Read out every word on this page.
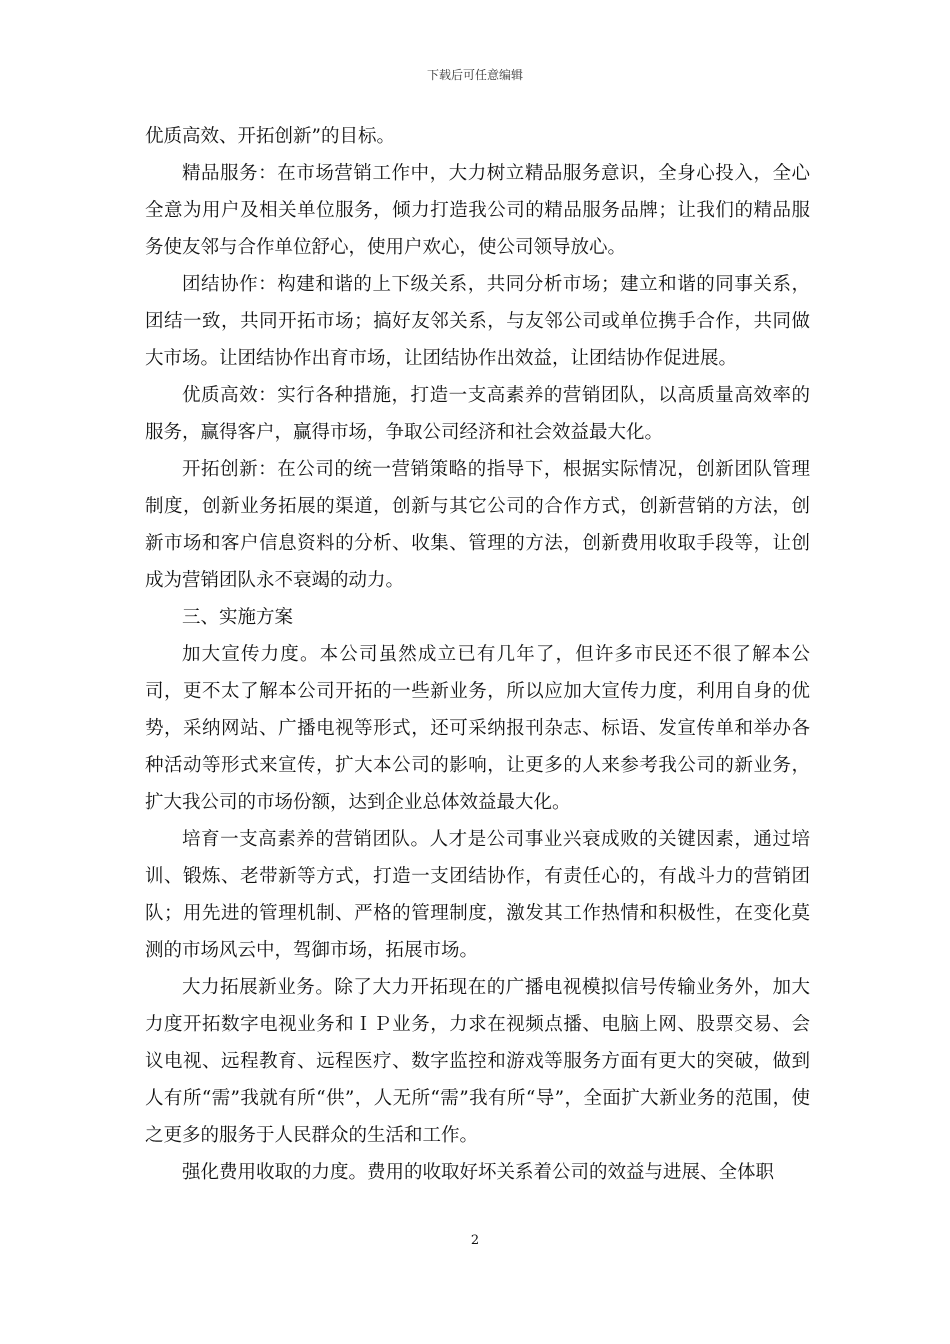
下载后可任意编辑

优质高效、开拓创新”的目标。

精品服务：在市场营销工作中，大力树立精品服务意识，全身心投入，全心全意为用户及相关单位服务，倾力打造我公司的精品服务品牌；让我们的精品服务使友邻与合作单位舒心，使用户欢心，使公司领导放心。

团结协作：构建和谐的上下级关系，共同分析市场；建立和谐的同事关系，团结一致，共同开拓市场；搞好友邻关系，与友邻公司或单位携手合作，共同做大市场。让团结协作出育市场，让团结协作出效益，让团结协作促进展。

优质高效：实行各种措施，打造一支高素养的营销团队，以高质量高效率的服务，赢得客户，赢得市场，争取公司经济和社会效益最大化。

开拓创新：在公司的统一营销策略的指导下，根据实际情况，创新团队管理制度，创新业务拓展的渠道，创新与其它公司的合作方式，创新营销的方法，创新市场和客户信息资料的分析、收集、管理的方法，创新费用收取手段等，让创成为营销团队永不衰竭的动力。

三、实施方案

加大宣传力度。本公司虽然成立已有几年了，但许多市民还不很了解本公司，更不太了解本公司开拓的一些新业务，所以应加大宣传力度，利用自身的优势，采纳网站、广播电视等形式，还可采纳报刊杂志、标语、发宣传单和举办各种活动等形式来宣传，扩大本公司的影响，让更多的人来参考我公司的新业务，扩大我公司的市场份额，达到企业总体效益最大化。

培育一支高素养的营销团队。人才是公司事业兴衰成败的关键因素，通过培训、锻炼、老带新等方式，打造一支团结协作，有责任心的，有战斗力的营销团队；用先进的管理机制、严格的管理制度，激发其工作热情和积极性，在变化莫测的市场风云中，驾御市场，拓展市场。

大力拓展新业务。除了大力开拓现在的广播电视模拟信号传输业务外，加大力度开拓数字电视业务和ＩＰ业务，力求在视频点播、电脑上网、股票交易、会议电视、远程教育、远程医疗、数字监控和游戏等服务方面有更大的突破，做到人有所“需”我就有所“供”，人无所“需”我有所“导”，全面扩大新业务的范围，使之更多的服务于人民群众的生活和工作。

强化费用收取的力度。费用的收取好坏关系着公司的效益与进展、全体职

2
